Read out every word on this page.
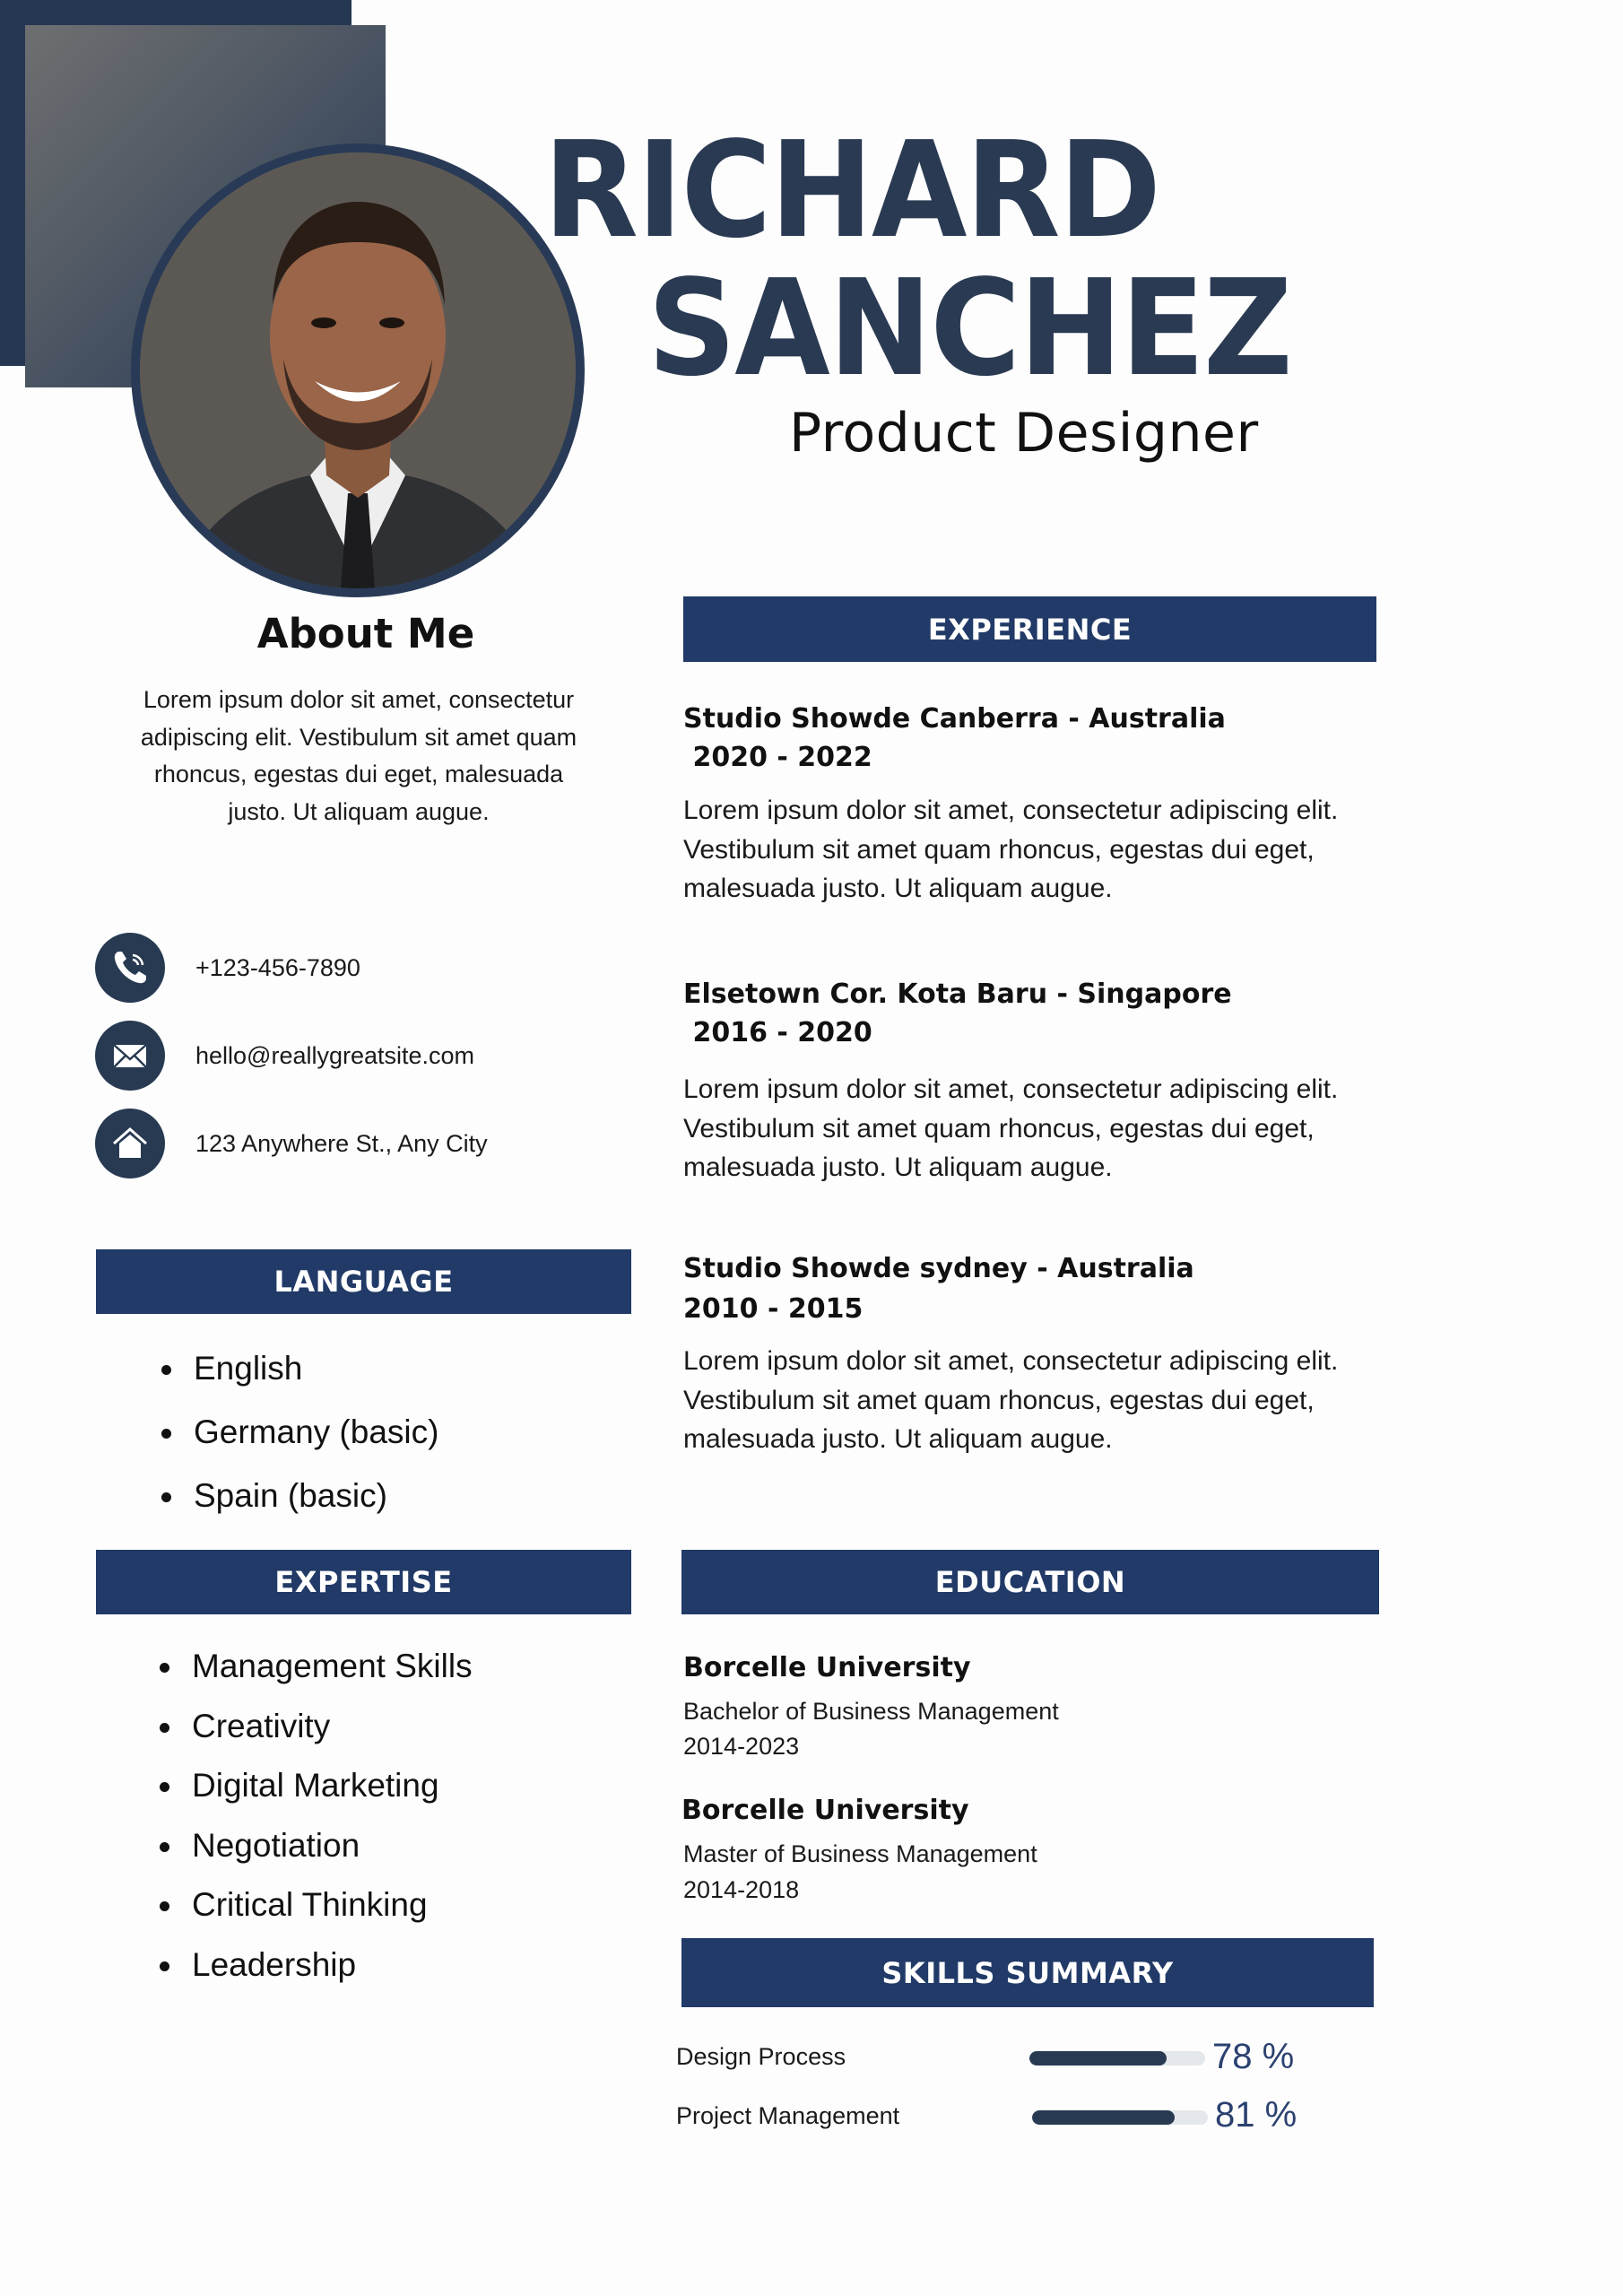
RICHARD
SANCHEZ
Product Designer
About Me
Lorem ipsum dolor sit amet, consectetur adipiscing elit. Vestibulum sit amet quam rhoncus, egestas dui eget, malesuada justo. Ut aliquam augue.
+123-456-7890
hello@reallygreatsite.com
123 Anywhere St., Any City
LANGUAGE
English
Germany (basic)
Spain (basic)
EXPERTISE
Management Skills
Creativity
Digital Marketing
Negotiation
Critical Thinking
Leadership
EXPERIENCE
Studio Showde Canberra - Australia
2020 - 2022
Lorem ipsum dolor sit amet, consectetur adipiscing elit. Vestibulum sit amet quam rhoncus, egestas dui eget, malesuada justo. Ut aliquam augue.
Elsetown Cor. Kota Baru - Singapore
2016 - 2020
Lorem ipsum dolor sit amet, consectetur adipiscing elit. Vestibulum sit amet quam rhoncus, egestas dui eget, malesuada justo. Ut aliquam augue.
Studio Showde sydney - Australia
2010 - 2015
Lorem ipsum dolor sit amet, consectetur adipiscing elit. Vestibulum sit amet quam rhoncus, egestas dui eget, malesuada justo. Ut aliquam augue.
EDUCATION
Borcelle University
Bachelor of Business Management
2014-2023
Borcelle University
Master of Business Management
2014-2018
SKILLS SUMMARY
Design Process	78 %
Project Management	81 %
